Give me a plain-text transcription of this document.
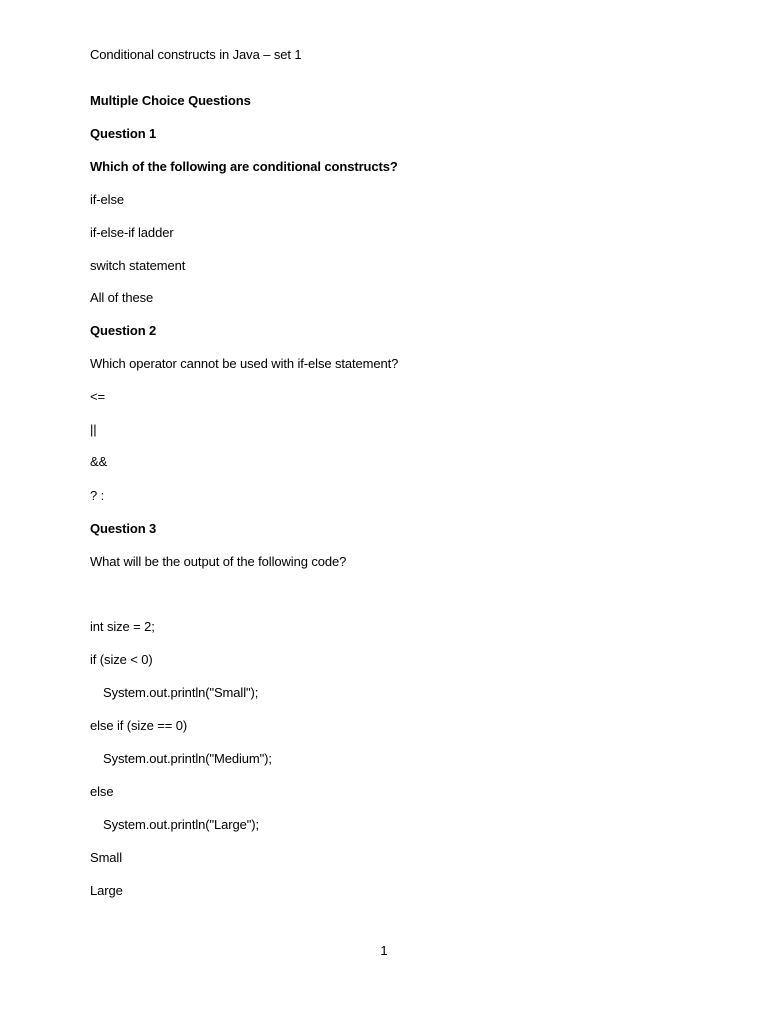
Conditional constructs in Java – set 1
Multiple Choice Questions
Question 1
Which of the following are conditional constructs?
if-else
if-else-if ladder
switch statement
All of these
Question 2
Which operator cannot be used with if-else statement?
<=
||
&&
? :
Question 3
What will be the output of the following code?
int size = 2;
if (size < 0)
System.out.println("Small");
else if (size == 0)
System.out.println("Medium");
else
System.out.println("Large");
Small
Large
1
